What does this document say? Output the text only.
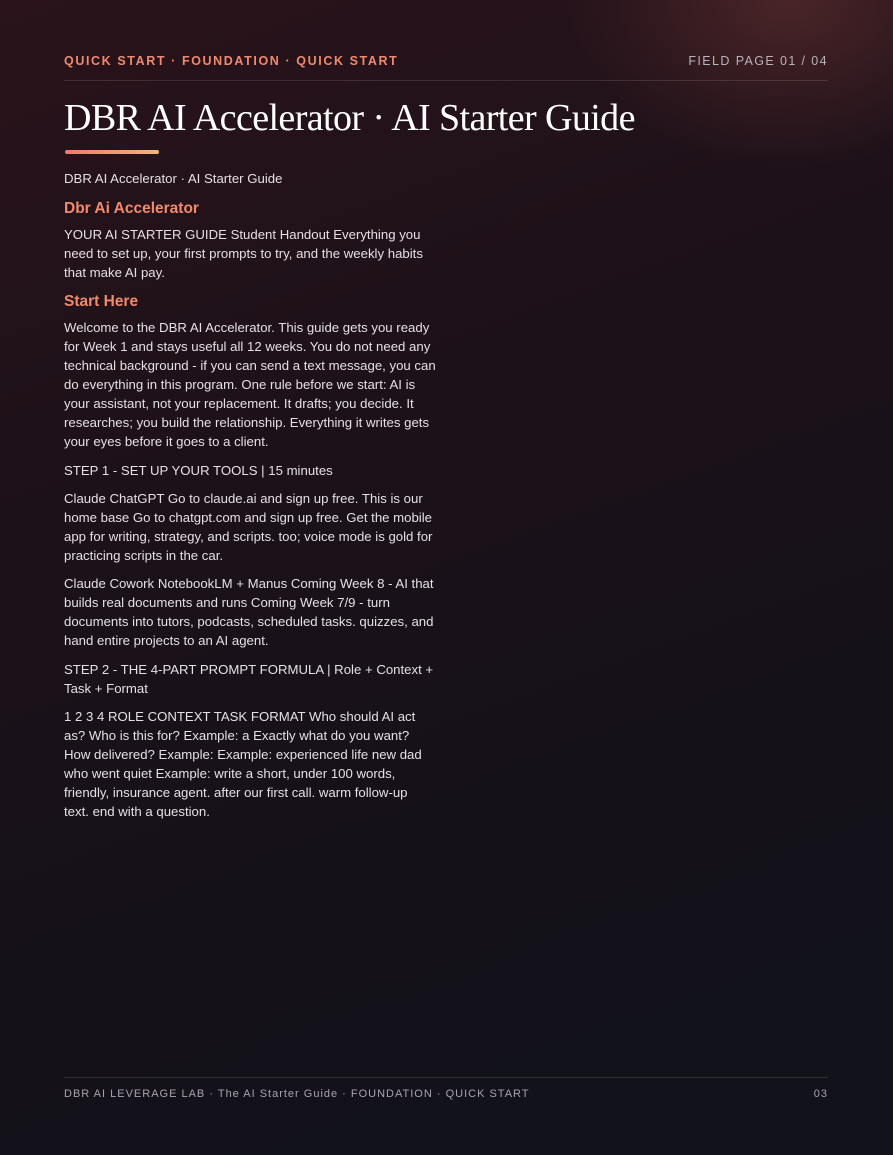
QUICK START · FOUNDATION · QUICK START	FIELD PAGE 01 / 04
DBR AI Accelerator · AI Starter Guide

DBR AI Accelerator · AI Starter Guide

Dbr Ai Accelerator

YOUR AI STARTER GUIDE Student Handout Everything you need to set up, your first prompts to try, and the weekly habits that make AI pay.

Start Here

Welcome to the DBR AI Accelerator. This guide gets you ready for Week 1 and stays useful all 12 weeks. You do not need any technical background - if you can send a text message, you can do everything in this program. One rule before we start: AI is your assistant, not your replacement. It drafts; you decide. It researches; you build the relationship. Everything it writes gets your eyes before it goes to a client.

STEP 1 - SET UP YOUR TOOLS | 15 minutes

Claude ChatGPT Go to claude.ai and sign up free. This is our home base Go to chatgpt.com and sign up free. Get the mobile app for writing, strategy, and scripts. too; voice mode is gold for practicing scripts in the car.

Claude Cowork NotebookLM + Manus Coming Week 8 - AI that builds real documents and runs Coming Week 7/9 - turn documents into tutors, podcasts, scheduled tasks. quizzes, and hand entire projects to an AI agent.

STEP 2 - THE 4-PART PROMPT FORMULA | Role + Context + Task + Format

1 2 3 4 ROLE CONTEXT TASK FORMAT Who should AI act as? Who is this for? Example: a Exactly what do you want? How delivered? Example: Example: experienced life new dad who went quiet Example: write a short, under 100 words, friendly, insurance agent. after our first call. warm follow-up text. end with a question.

DBR AI LEVERAGE LAB · The AI Starter Guide · FOUNDATION · QUICK START	03
